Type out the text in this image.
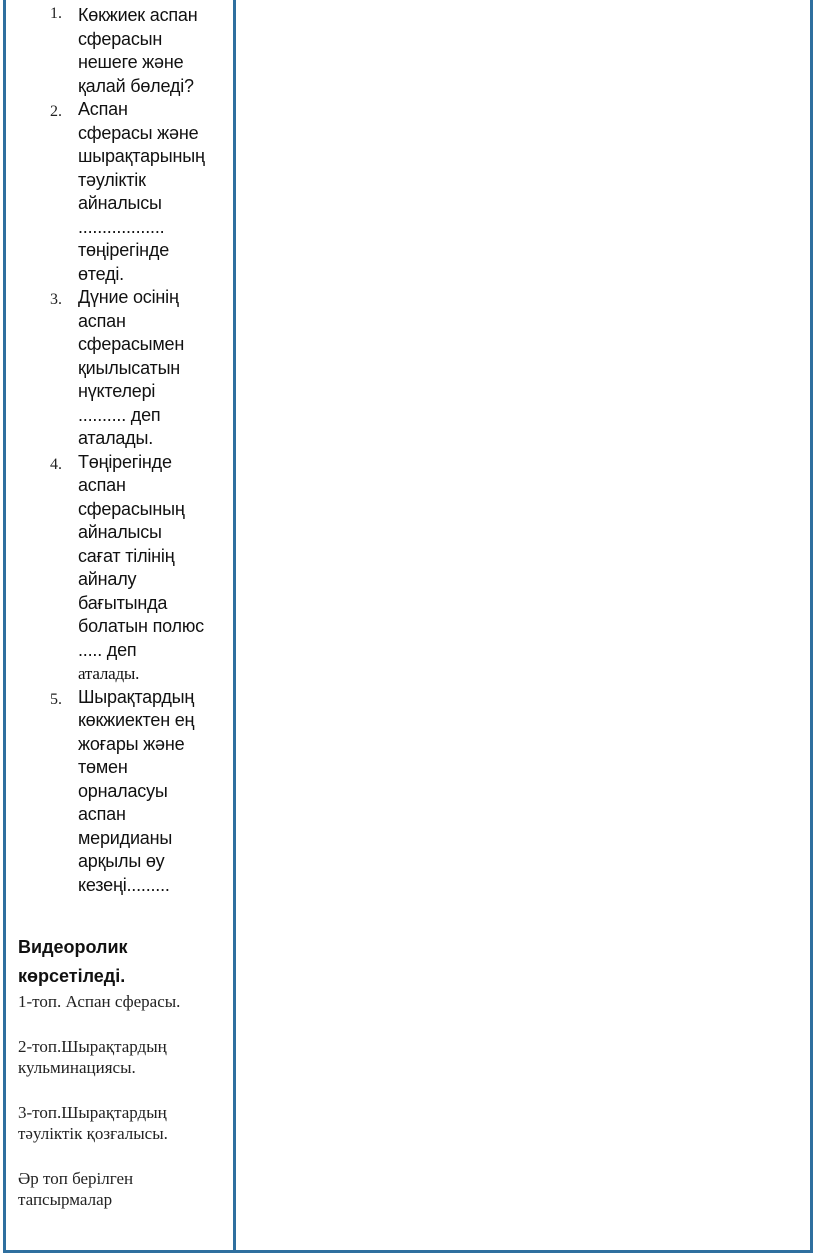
1. Көкжиек аспан
сферасын
нешеге және
қалай бөледі?
2. Аспан
сферасы және
шырақтарының
тәуліктік
айналысы
..................
төңірегінде
өтеді.
3. Дүние осінің
аспан
сферасымен
қиылысатын
нүктелері
.......... деп
аталады.
4. Төңірегінде
аспан
сферасының
айналысы
сағат тілінің
айналу
бағытында
болатын полюс
..... деп
аталады.
5. Шырақтардың
көкжиектен ең
жоғары және
төмен
орналасуы
аспан
меридианы
арқылы өу
кезеңі.........
Видеоролик
көрсетіледі.
1-топ. Аспан сферасы.
2-топ.Шырақтардың
кульминациясы.
3-топ.Шырақтардың
тәуліктік қозғалысы.
Әр топ берілген
тапсырмалар
